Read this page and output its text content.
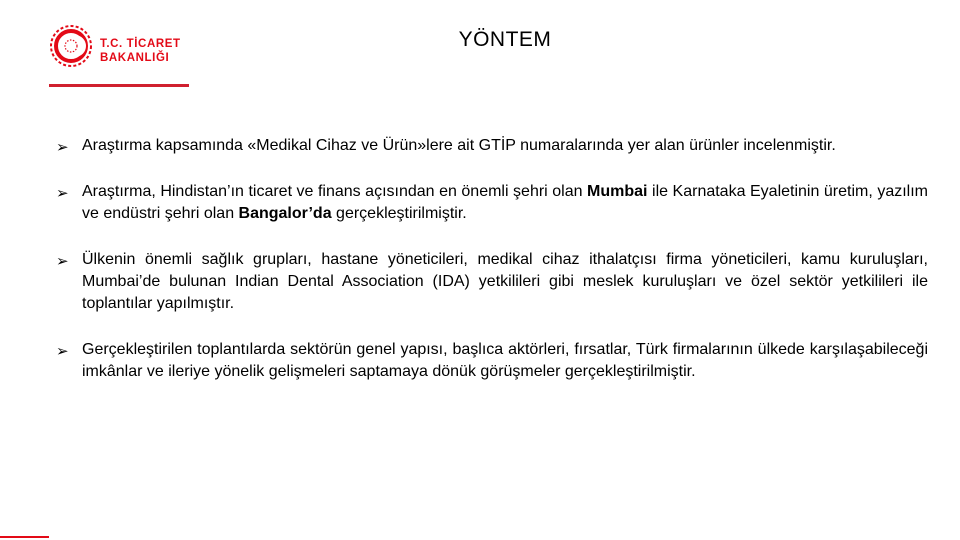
T.C. TİCARET
BAKANLIĞI
YÖNTEM
➢ Araştırma kapsamında «Medikal Cihaz ve Ürün»lere ait GTİP numaralarında yer alan ürünler incelenmiştir.
➢ Araştırma, Hindistan’ın ticaret ve finans açısından en önemli şehri olan Mumbai ile Karnataka Eyaletinin üretim, yazılım ve endüstri şehri olan Bangalor’da gerçekleştirilmiştir.
➢ Ülkenin önemli sağlık grupları, hastane yöneticileri, medikal cihaz ithalatçısı firma yöneticileri, kamu kuruluşları, Mumbai’de bulunan Indian Dental Association (IDA) yetkilileri gibi meslek kuruluşları ve özel sektör yetkilileri ile toplantılar yapılmıştır.
➢ Gerçekleştirilen toplantılarda sektörün genel yapısı, başlıca aktörleri, fırsatlar, Türk firmalarının ülkede karşılaşabileceği imkânlar ve ileriye yönelik gelişmeleri saptamaya dönük görüşmeler gerçekleştirilmiştir.
